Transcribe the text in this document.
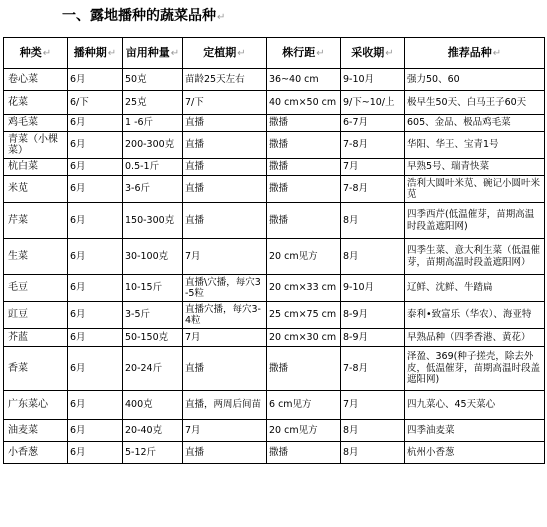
一、露地播种的蔬菜品种↵
种类↵	播种期↵	亩用种量↵	定植期↵	株行距↵	采收期↵	推荐品种↵
卷心菜	6月	50克	苗龄25天左右	36~40 cm	9-10月	强力50、60
花菜	6/下	25克	7/下	40 cm×50 cm	9/下~10/上	极早生50天、白马王子60天
鸡毛菜	6月	1 -6斤	直播	撒播	6-7月	605、金品、极品鸡毛菜
青菜（小棵菜）	6月	200-300克	直播	撒播	7-8月	华阳、华王、宝青1号
杭白菜	6月	0.5-1斤	直播	撒播	7月	早熟5号、瑞青快菜
米苋	6月	3-6斤	直播	撒播	7-8月	浩利大圆叶米苋、碗记小圆叶米苋
芹菜	6月	150-300克	直播	撒播	8月	四季西芹(低温催芽，苗期高温时段盖遮阳网)
生菜	6月	30-100克	7月	20 cm见方	8月	四季生菜、意大利生菜（低温催芽，苗期高温时段盖遮阳网）
毛豆	6月	10-15斤	直播\穴播，每穴3-5粒	20 cm×33 cm	9-10月	辽鲜、沈鲜、牛踏扁
豇豆	6月	3-5斤	直播穴播，每穴3-4粒	25 cm×75 cm	8-9月	泰利•致富乐（华农）、海亚特
芥蓝	6月	50-150克	7月	20 cm×30 cm	8-9月	早熟品种（四季香港、黄花）
香菜	6月	20-24斤	直播	撒播	7-8月	泽盈、369(种子搓壳，除去外皮，低温催芽，苗期高温时段盖遮阳网)
广东菜心	6月	400克	直播，两周后间苗	6 cm见方	7月	四九菜心、45天菜心
油麦菜	6月	20-40克	7月	20 cm见方	8月	四季油麦菜
小香葱	6月	5-12斤	直播	撒播	8月	杭州小香葱
